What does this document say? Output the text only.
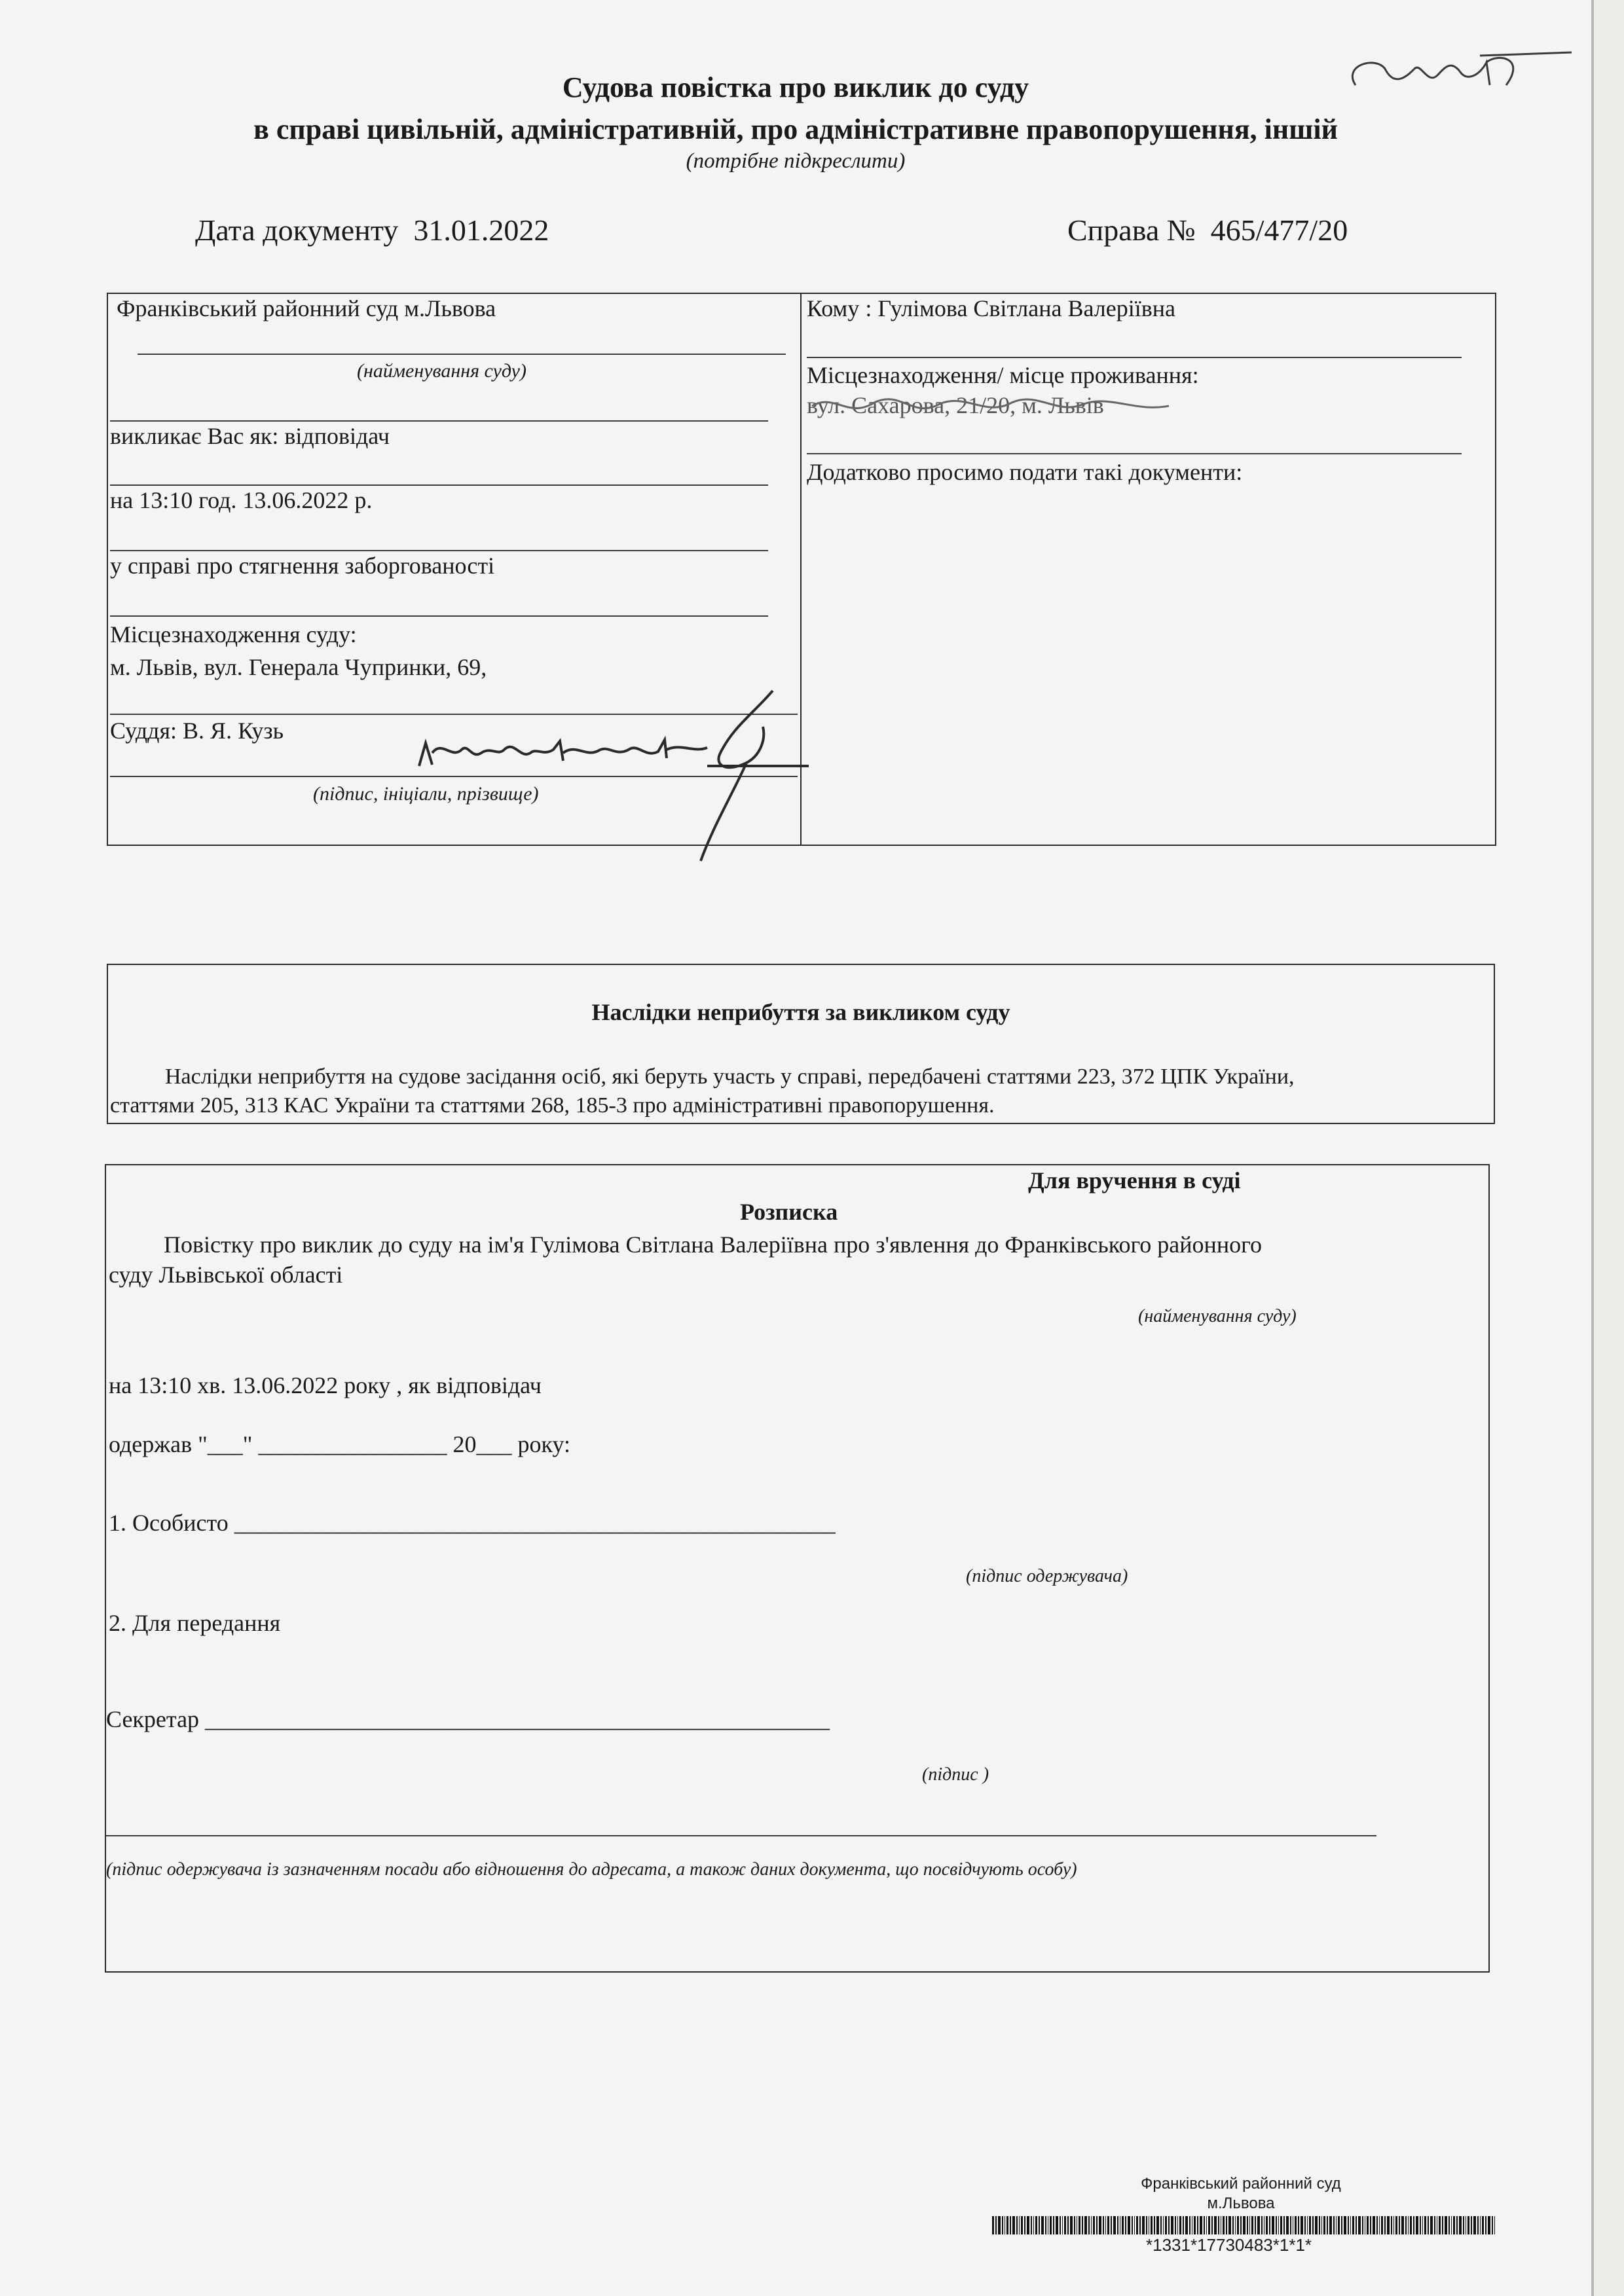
Судова повістка про виклик до суду
в справі цивільній, адміністративній, про адміністративне правопорушення, іншій
(потрібне підкреслити)
Дата документу 31.01.2022	Справа № 465/477/20
Франківський районний суд м.Львова
(найменування суду)
викликає Вас як: відповідач
на 13:10 год. 13.06.2022 р.
у справі про стягнення заборгованості
Місцезнаходження суду:
м. Львів, вул. Генерала Чупринки, 69,
Суддя: В. Я. Кузь
(підпис, ініціали, прізвище)
Кому : Гулімова Світлана Валеріївна
Місцезнаходження/ місце проживання:
вул. Сахарова, 21/20, м. Львів
Додатково просимо подати такі документи:
Наслідки неприбуття за викликом суду
Наслідки неприбуття на судове засідання осіб, які беруть участь у справі, передбачені статтями 223, 372 ЦПК України,
статтями 205, 313 КАС України та статтями 268, 185-3 про адміністративні правопорушення.
Для вручення в суді
Розписка
Повістку про виклик до суду на ім'я Гулімова Світлана Валеріївна про з'явлення до Франківського районного
суду Львівської області
(найменування суду)
на 13:10 хв. 13.06.2022 року , як відповідач
одержав "___" ________________ 20___ року:
1. Особисто ___________________________________________________
(підпис одержувача)
2. Для передання
Секретар _____________________________________________________
(підпис )
(підпис одержувача із зазначенням посади або відношення до адресата, а також даних документа, що посвідчують особу)
Франківський районний суд
м.Львова
*1331*17730483*1*1*
